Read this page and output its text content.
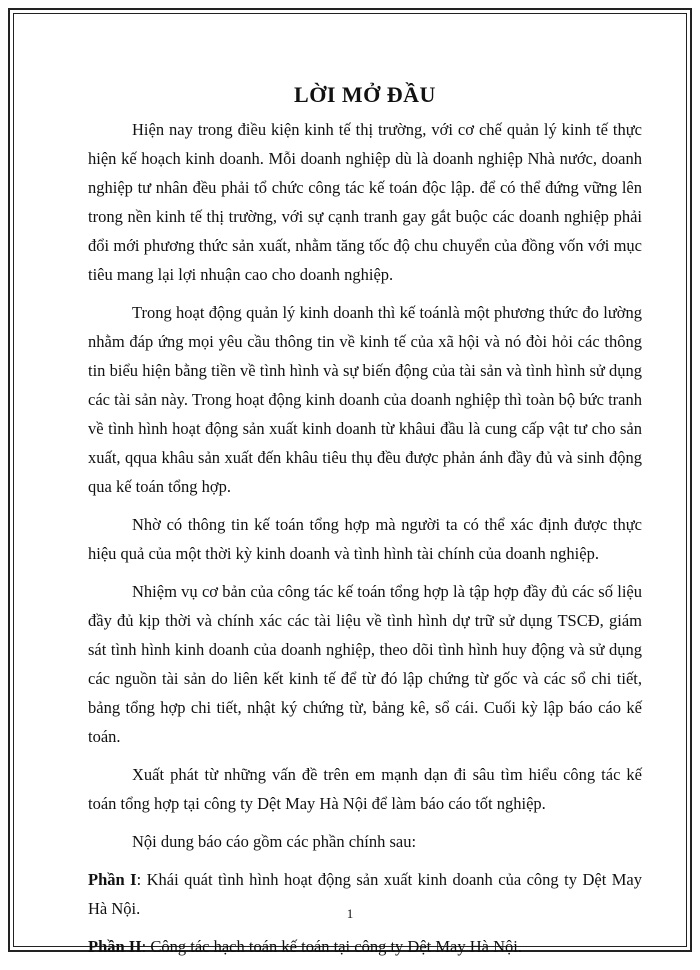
LỜI MỞ ĐẦU

Hiện nay trong điều kiện kinh tế thị trường, với cơ chế quản lý kinh tế thực hiện kế hoạch kinh doanh. Mỗi doanh nghiệp dù là doanh nghiệp Nhà nước, doanh nghiệp tư nhân đều phải tổ chức công tác kế toán độc lập. để có thể đứng vững lên trong nền kinh tế thị trường, với sự cạnh tranh gay gắt buộc các doanh nghiệp phải đổi mới phương thức sản xuất, nhằm tăng tốc độ chu chuyển của đồng vốn với mục tiêu mang lại lợi nhuận cao cho doanh nghiệp.

Trong hoạt động quản lý kinh doanh thì kế toánlà một phương thức đo lường nhằm đáp ứng mọi yêu cầu thông tin về kinh tế của xã hội và nó đòi hỏi các thông tin biểu hiện bằng tiền về tình hình và sự biến động của tài sản và tình hình sử dụng các tài sản này. Trong hoạt động kinh doanh của doanh nghiệp thì toàn bộ bức tranh về tình hình hoạt động sản xuất kinh doanh từ khâui đầu là cung cấp vật tư cho sản xuất, qqua khâu sản xuất đến khâu tiêu thụ đều được phản ánh đầy đủ và sinh động qua kế toán tổng hợp.

Nhờ có thông tin kế toán tổng hợp mà người ta có thể xác định được thực hiệu quả của một thời kỳ kinh doanh và tình hình tài chính của doanh nghiệp.

Nhiệm vụ cơ bản của công tác kế toán tổng hợp là tập hợp đầy đủ các số liệu đầy đủ kịp thời và chính xác các tài liệu về tình hình dự trữ sử dụng TSCĐ, giám sát tình hình kinh doanh của doanh nghiệp, theo dõi tình hình huy động và sử dụng các nguồn tài sản do liên kết kinh tế để từ đó lập chứng từ gốc và các sổ chi tiết, bảng tổng hợp chi tiết, nhật ký chứng từ, bảng kê, sổ cái. Cuối kỳ lập báo cáo kế toán.

Xuất phát từ những vấn đề trên em mạnh dạn đi sâu tìm hiểu công tác kế toán tổng hợp tại công ty Dệt May Hà Nội để làm báo cáo tốt nghiệp.

Nội dung báo cáo gồm các phần chính sau:

Phần I: Khái quát tình hình hoạt động sản xuất kinh doanh của công ty Dệt May Hà Nội.

Phần II: Công tác hạch toán kế toán tại công ty Dệt May Hà Nội.

1
